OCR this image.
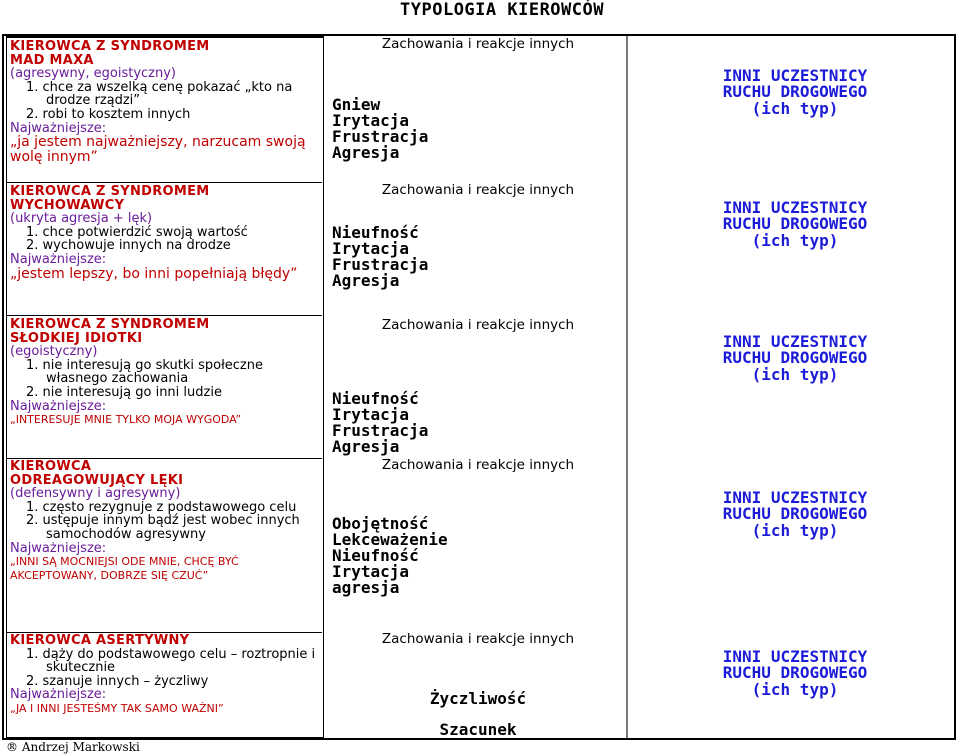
TYPOLOGIA KIEROWCÓW
KIEROWCA Z SYNDROMEM
MAD MAXA
(agresywny, egoistyczny)
1. chce za wszelką cenę pokazać „kto na drodze rządzi”
2. robi to kosztem innych
Najważniejsze:
„ja jestem najważniejszy, narzucam swoją wolę innym”
KIEROWCA Z SYNDROMEM
WYCHOWAWCY
(ukryta agresja + lęk)
1. chce potwierdzić swoją wartość
2. wychowuje innych na drodze
Najważniejsze:
„jestem lepszy, bo inni popełniają błędy”
KIEROWCA Z SYNDROMEM
SŁODKIEJ IDIOTKI
(egoistyczny)
1. nie interesują go skutki społeczne własnego zachowania
2. nie interesują go inni ludzie
Najważniejsze:
„INTERESUJE MNIE TYLKO MOJA WYGODA”
KIEROWCA
ODREAGOWUJĄCY LĘKI
(defensywny i agresywny)
1. często rezygnuje z podstawowego celu
2. ustępuje innym bądź jest wobec innych samochodów agresywny
Najważniejsze:
„INNI SĄ MOCNIEJSI ODE MNIE, CHCĘ BYĆ AKCEPTOWANY, DOBRZE SIĘ CZUĆ”
KIEROWCA ASERTYWNY
1. dąży do podstawowego celu – roztropnie i skutecznie
2. szanuje innych – życzliwy
Najważniejsze:
„JA I INNI JESTEŚMY TAK SAMO WAŻNI”
Zachowania i reakcje innych
Zachowania i reakcje innych
Zachowania i reakcje innych
Zachowania i reakcje innych
Zachowania i reakcje innych
Gniew
Irytacja
Frustracja
Agresja
Nieufność
Irytacja
Frustracja
Agresja
Nieufność
Irytacja
Frustracja
Agresja
Obojętność
Lekceważenie
Nieufność
Irytacja
agresja
Życzliwość
Szacunek
INNI UCZESTNICY
RUCHU DROGOWEGO
(ich typ)
INNI UCZESTNICY
RUCHU DROGOWEGO
(ich typ)
INNI UCZESTNICY
RUCHU DROGOWEGO
(ich typ)
INNI UCZESTNICY
RUCHU DROGOWEGO
(ich typ)
INNI UCZESTNICY
RUCHU DROGOWEGO
(ich typ)
® Andrzej Markowski
